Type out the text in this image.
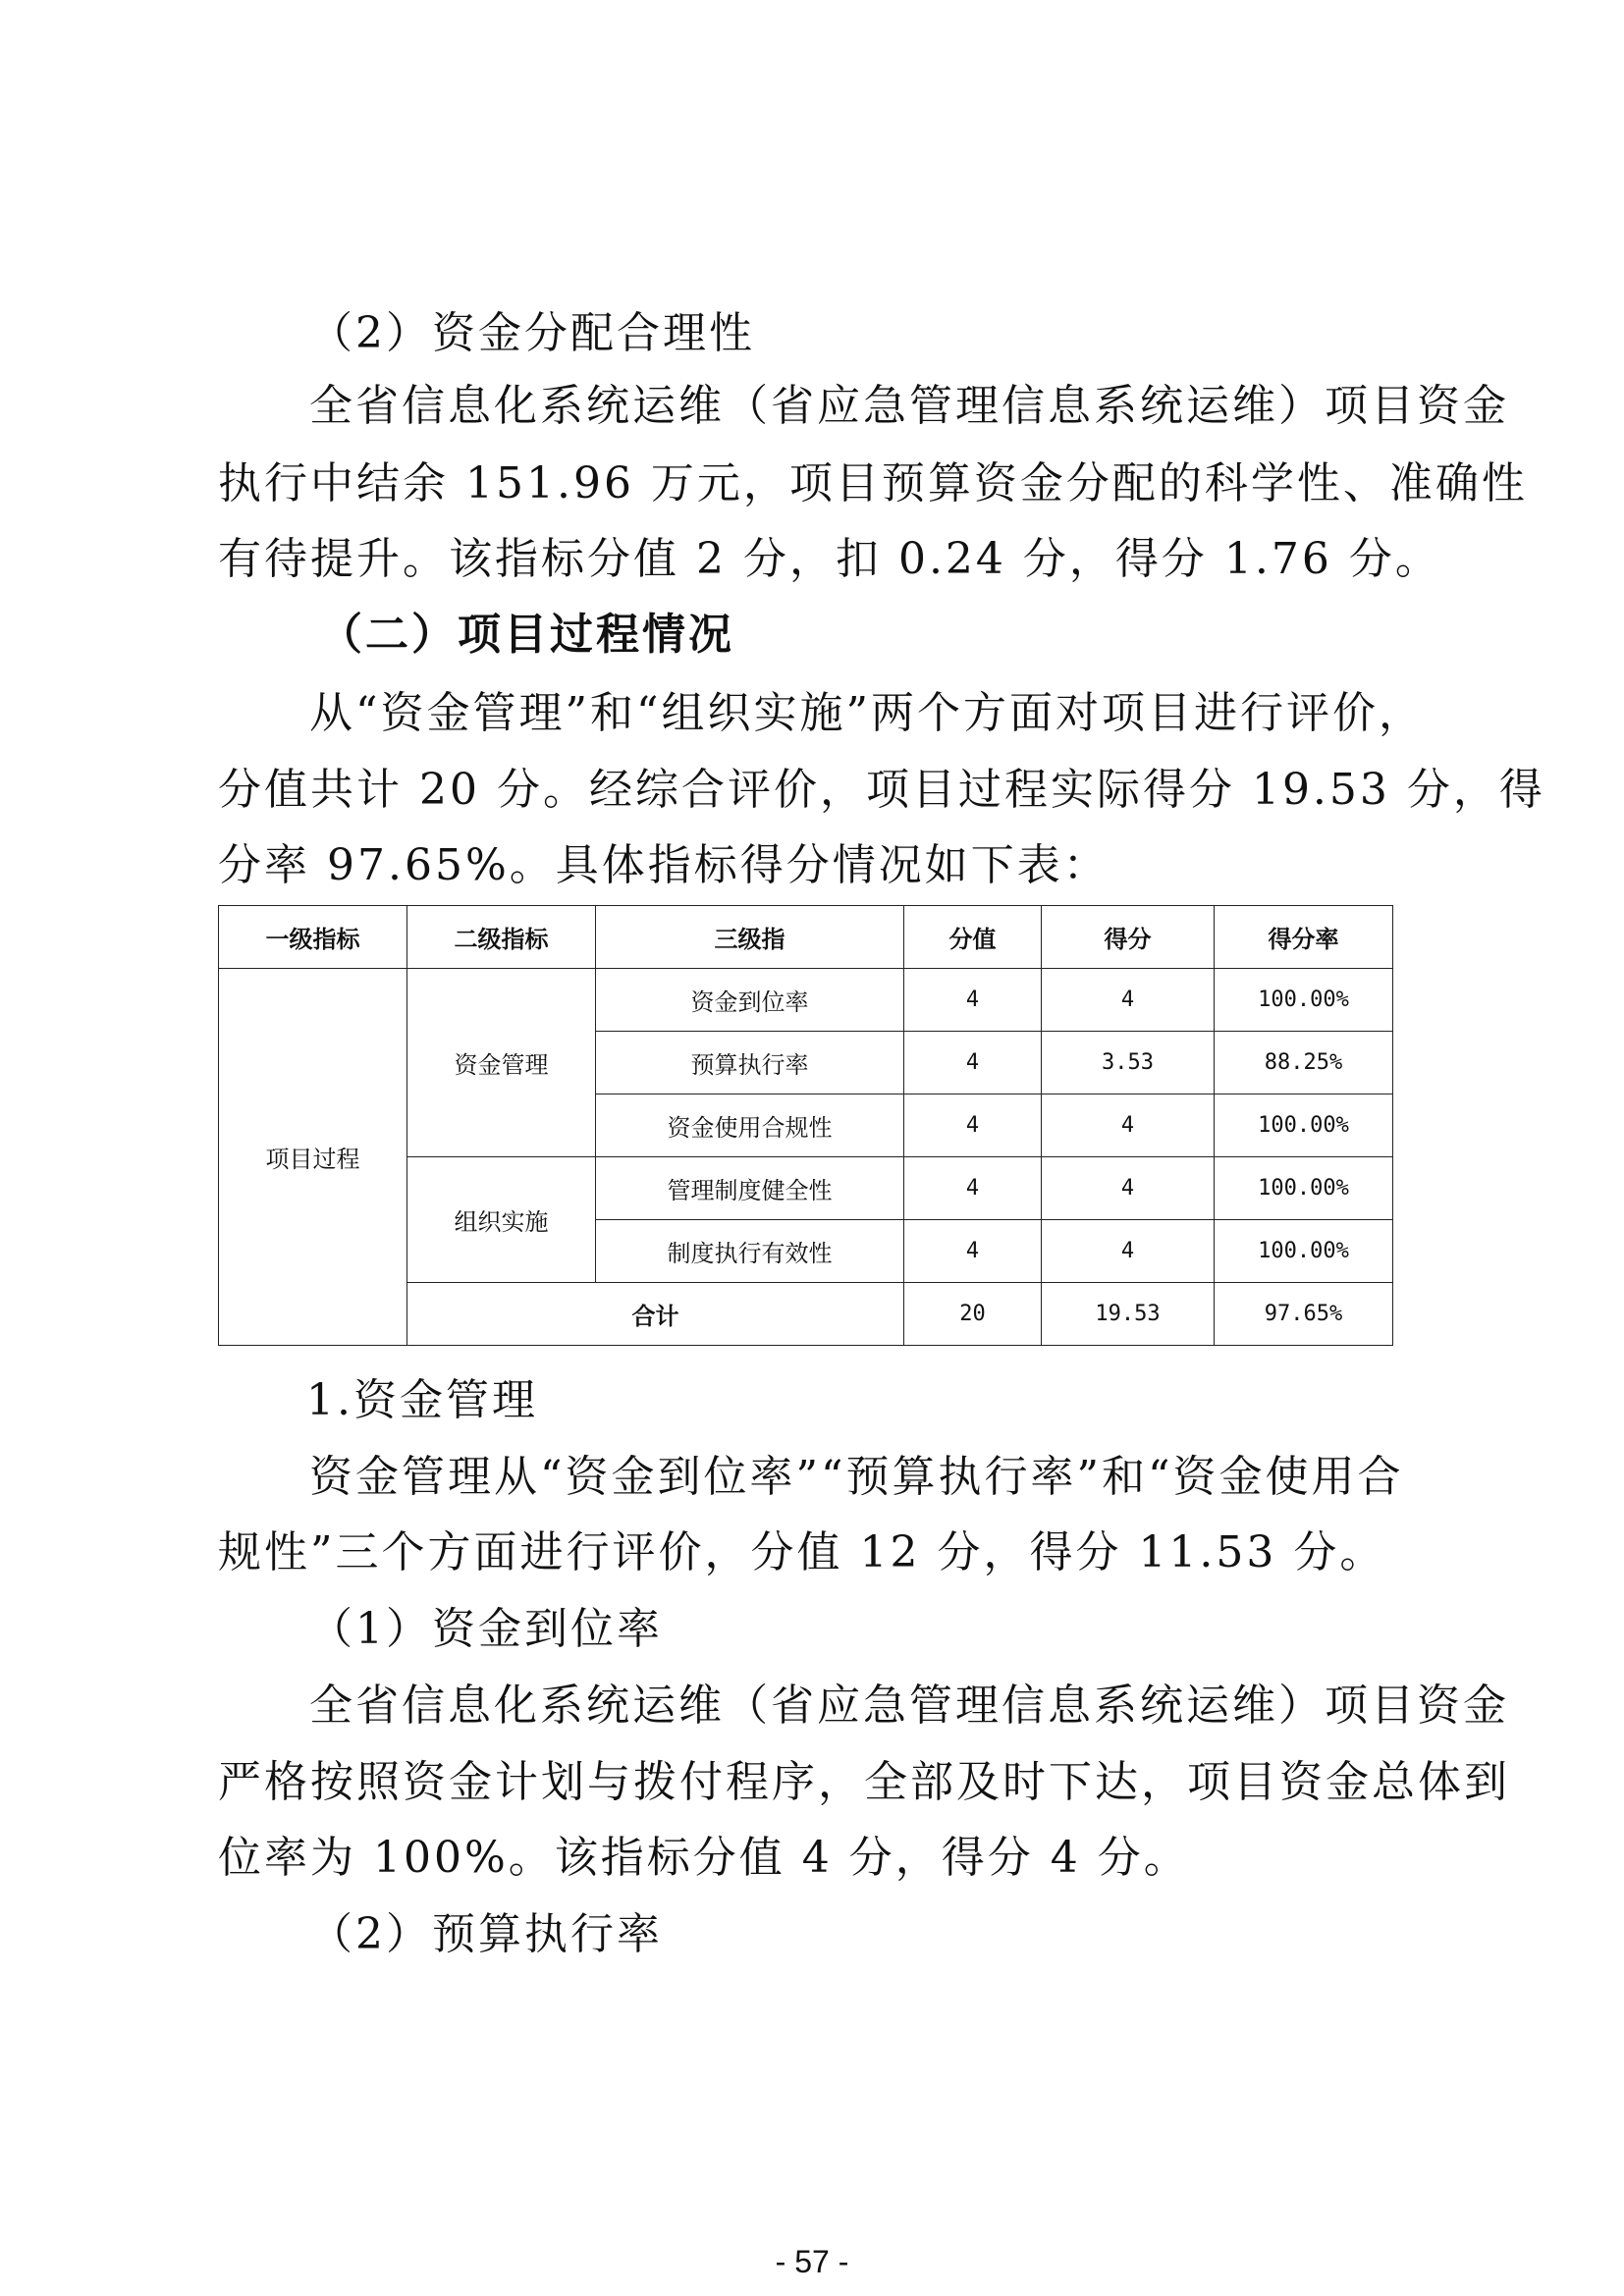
（2）资金分配合理性
全省信息化系统运维（省应急管理信息系统运维）项目资金
执行中结余 151.96 万元，项目预算资金分配的科学性、准确性
有待提升。该指标分值 2 分，扣 0.24 分，得分 1.76 分。
（二）项目过程情况
从“资金管理”和“组织实施”两个方面对项目进行评价，
分值共计 20 分。经综合评价，项目过程实际得分 19.53 分，得
分率 97.65%。具体指标得分情况如下表：
一级指标	二级指标	三级指	分值	得分	得分率
项目过程	资金管理	资金到位率	4	4	100.00%
		预算执行率	4	3.53	88.25%
		资金使用合规性	4	4	100.00%
	组织实施	管理制度健全性	4	4	100.00%
		制度执行有效性	4	4	100.00%
	合计		20	19.53	97.65%
1.资金管理
资金管理从“资金到位率”“预算执行率”和“资金使用合
规性”三个方面进行评价，分值 12 分，得分 11.53 分。
（1）资金到位率
全省信息化系统运维（省应急管理信息系统运维）项目资金
严格按照资金计划与拨付程序，全部及时下达，项目资金总体到
位率为 100%。该指标分值 4 分，得分 4 分。
（2）预算执行率
- 57 -
